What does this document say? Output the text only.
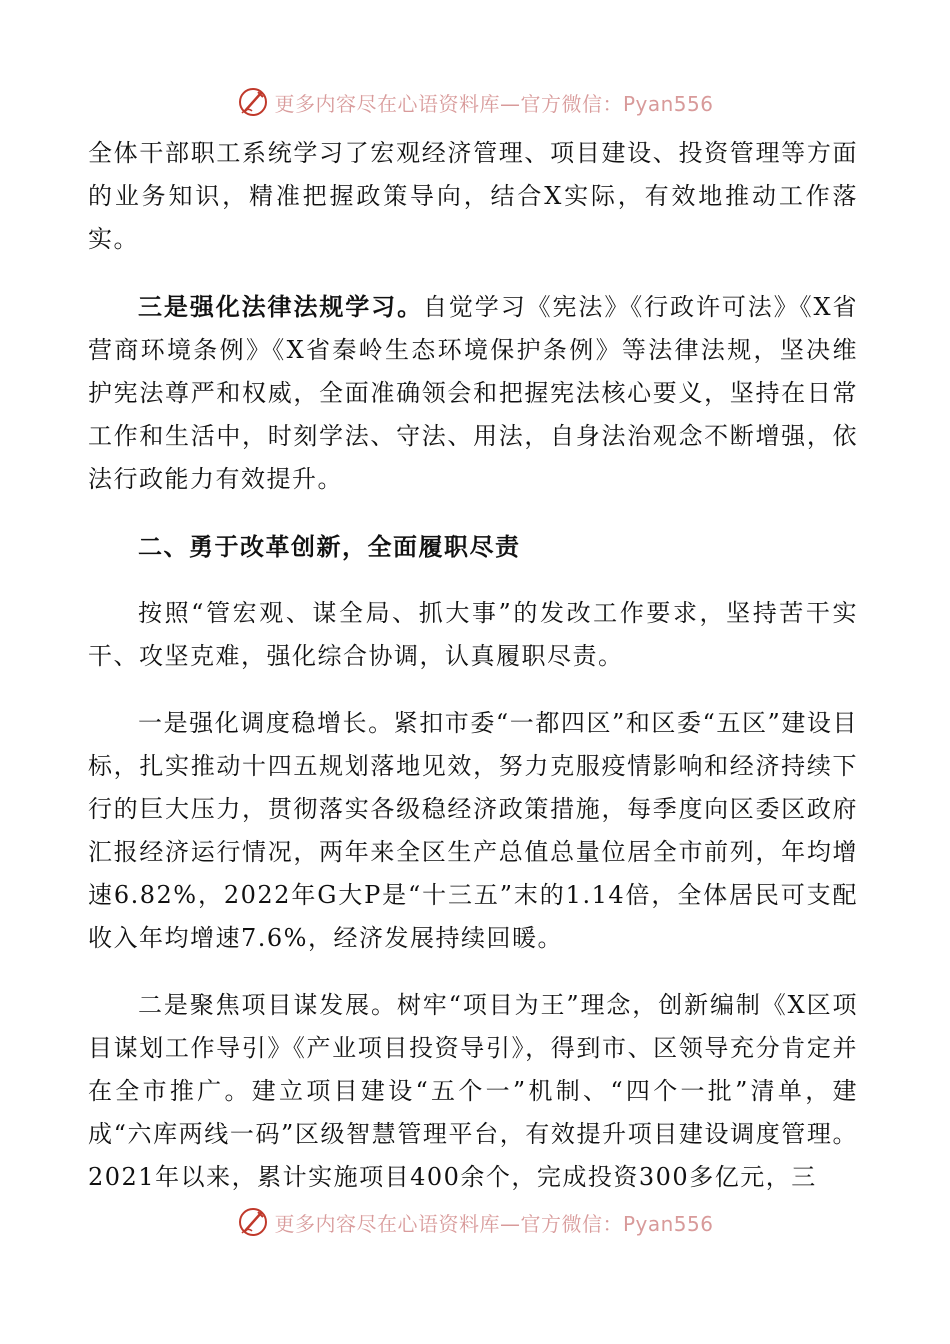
更多内容尽在心语资料库—官方微信：Pyan556

全体干部职工系统学习了宏观经济管理、项目建设、投资管理等方面的业务知识，精准把握政策导向，结合X实际，有效地推动工作落实。

三是强化法律法规学习。自觉学习《宪法》《行政许可法》《X省营商环境条例》《X省秦岭生态环境保护条例》等法律法规，坚决维护宪法尊严和权威，全面准确领会和把握宪法核心要义，坚持在日常工作和生活中，时刻学法、守法、用法，自身法治观念不断增强，依法行政能力有效提升。

二、勇于改革创新，全面履职尽责

按照“管宏观、谋全局、抓大事”的发改工作要求，坚持苦干实干、攻坚克难，强化综合协调，认真履职尽责。

一是强化调度稳增长。紧扣市委“一都四区”和区委“五区”建设目标，扎实推动十四五规划落地见效，努力克服疫情影响和经济持续下行的巨大压力，贯彻落实各级稳经济政策措施，每季度向区委区政府汇报经济运行情况，两年来全区生产总值总量位居全市前列，年均增速6.82%，2022年G大P是“十三五”末的1.14倍，全体居民可支配收入年均增速7.6%，经济发展持续回暖。

二是聚焦项目谋发展。树牢“项目为王”理念，创新编制《X区项目谋划工作导引》《产业项目投资导引》，得到市、区领导充分肯定并在全市推广。建立项目建设“五个一”机制、“四个一批”清单，建成“六库两线一码”区级智慧管理平台，有效提升项目建设调度管理。2021年以来，累计实施项目400余个，完成投资300多亿元，三

更多内容尽在心语资料库—官方微信：Pyan556
